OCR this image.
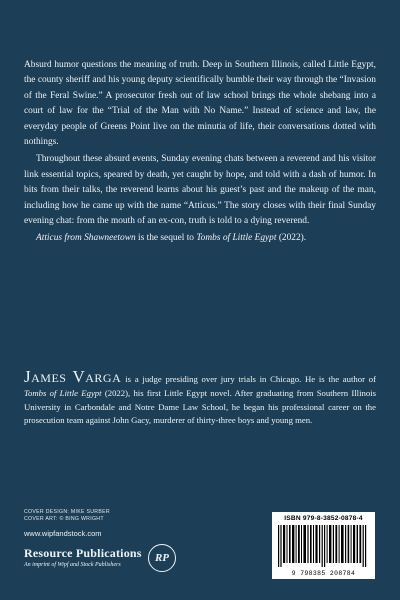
Absurd humor questions the meaning of truth. Deep in Southern Illinois, called Little Egypt, the county sheriff and his young deputy scientifically bumble their way through the “Invasion of the Feral Swine.” A prosecutor fresh out of law school brings the whole shebang into a court of law for the “Trial of the Man with No Name.” Instead of science and law, the everyday people of Greens Point live on the minutia of life, their conversations dotted with nothings.

Throughout these absurd events, Sunday evening chats between a reverend and his visitor link essential topics, speared by death, yet caught by hope, and told with a dash of humor. In bits from their talks, the reverend learns about his guest’s past and the makeup of the man, including how he came up with the name “Atticus.” The story closes with their final Sunday evening chat: from the mouth of an ex-con, truth is told to a dying reverend.

Atticus from Shawneetown is the sequel to Tombs of Little Egypt (2022).

James Varga is a judge presiding over jury trials in Chicago. He is the author of Tombs of Little Egypt (2022), his first Little Egypt novel. After graduating from Southern Illinois University in Carbondale and Notre Dame Law School, he began his professional career on the prosecution team against John Gacy, murderer of thirty-three boys and young men.
COVER DESIGN: MIKE SURBER
COVER ART: © BING WRIGHT
www.wipfandstock.com
Resource Publications
An imprint of Wipf and Stock Publishers
RP
ISBN 979-8-3852-0878-4
9 798385 208784
